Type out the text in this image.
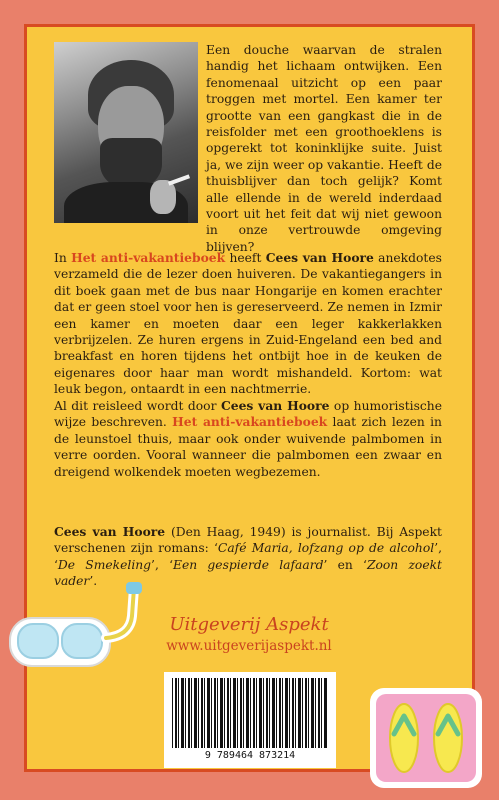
Een douche waarvan de stralen handig het lichaam ontwijken. Een fenomenaal uitzicht op een paar troggen met mortel. Een kamer ter grootte van een gangkast die in de reisfolder met een groothoeklens is opgerekt tot koninklijke suite. Juist ja, we zijn weer op vakantie. Heeft de thuisblijver dan toch gelijk? Komt alle ellende in de wereld inderdaad voort uit het feit dat wij niet gewoon in onze vertrouwde omgeving blijven?
In Het anti-vakantieboek heeft Cees van Hoore anekdotes verzameld die de lezer doen huiveren. De vakantiegangers in dit boek gaan met de bus naar Hongarije en komen erachter dat er geen stoel voor hen is gereserveerd. Ze nemen in Izmir een kamer en moeten daar een leger kakkerlakken verbrijzelen. Ze huren ergens in Zuid-Engeland een bed and breakfast en horen tijdens het ontbijt hoe in de keuken de eigenares door haar man wordt mishandeld. Kortom: wat leuk begon, ontaardt in een nachtmerrie.
Al dit reisleed wordt door Cees van Hoore op humoristische wijze beschreven. Het anti-vakantieboek laat zich lezen in de leunstoel thuis, maar ook onder wuivende palmbomen in verre oorden. Vooral wanneer die palmbomen een zwaar en dreigend wolkendek moeten wegbezemen.
Cees van Hoore (Den Haag, 1949) is journalist. Bij Aspekt verschenen zijn romans: ‘Café Maria, lofzang op de alcohol’, ‘De Smekeling’, ‘Een gespierde lafaard’ en ‘Zoon zoekt vader’.
Uitgeverij Aspekt
www.uitgeverijaspekt.nl
9 789464 873214
